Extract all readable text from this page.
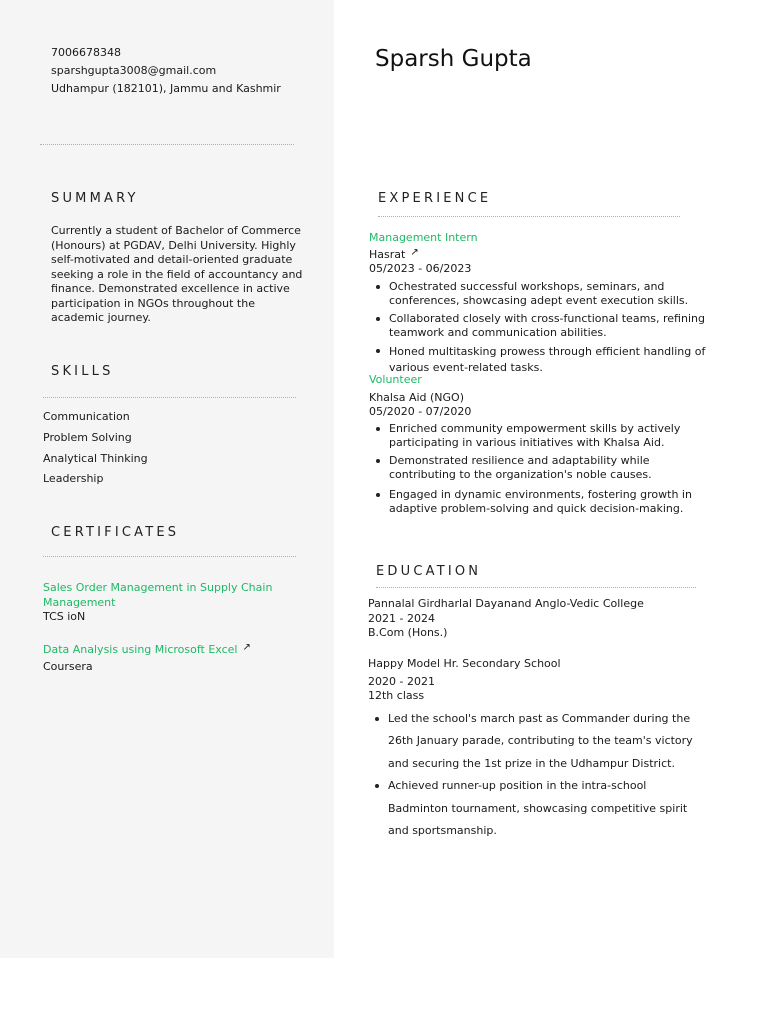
7006678348
sparshgupta3008@gmail.com
Udhampur (182101), Jammu and Kashmir
Sparsh Gupta
SUMMARY
Currently a student of Bachelor of Commerce (Honours) at PGDAV, Delhi University. Highly self-motivated and detail-oriented graduate seeking a role in the field of accountancy and finance. Demonstrated excellence in active participation in NGOs throughout the academic journey.
SKILLS
Communication
Problem Solving
Analytical Thinking
Leadership
CERTIFICATES
Sales Order Management in Supply Chain Management
TCS ioN
Data Analysis using Microsoft Excel ↗
Coursera
EXPERIENCE
Management Intern
Hasrat ↗
05/2023 - 06/2023
Ochestrated successful workshops, seminars, and conferences, showcasing adept event execution skills.
Collaborated closely with cross-functional teams, refining teamwork and communication abilities.
Honed multitasking prowess through efficient handling of various event-related tasks.
Volunteer
Khalsa Aid (NGO)
05/2020 - 07/2020
Enriched community empowerment skills by actively participating in various initiatives with Khalsa Aid.
Demonstrated resilience and adaptability while contributing to the organization's noble causes.
Engaged in dynamic environments, fostering growth in adaptive problem-solving and quick decision-making.
EDUCATION
Pannalal Girdharlal Dayanand Anglo-Vedic College
2021 - 2024
B.Com (Hons.)
Happy Model Hr. Secondary School
2020 - 2021
12th class
Led the school's march past as Commander during the 26th January parade, contributing to the team's victory and securing the 1st prize in the Udhampur District.
Achieved runner-up position in the intra-school Badminton tournament, showcasing competitive spirit and sportsmanship.
